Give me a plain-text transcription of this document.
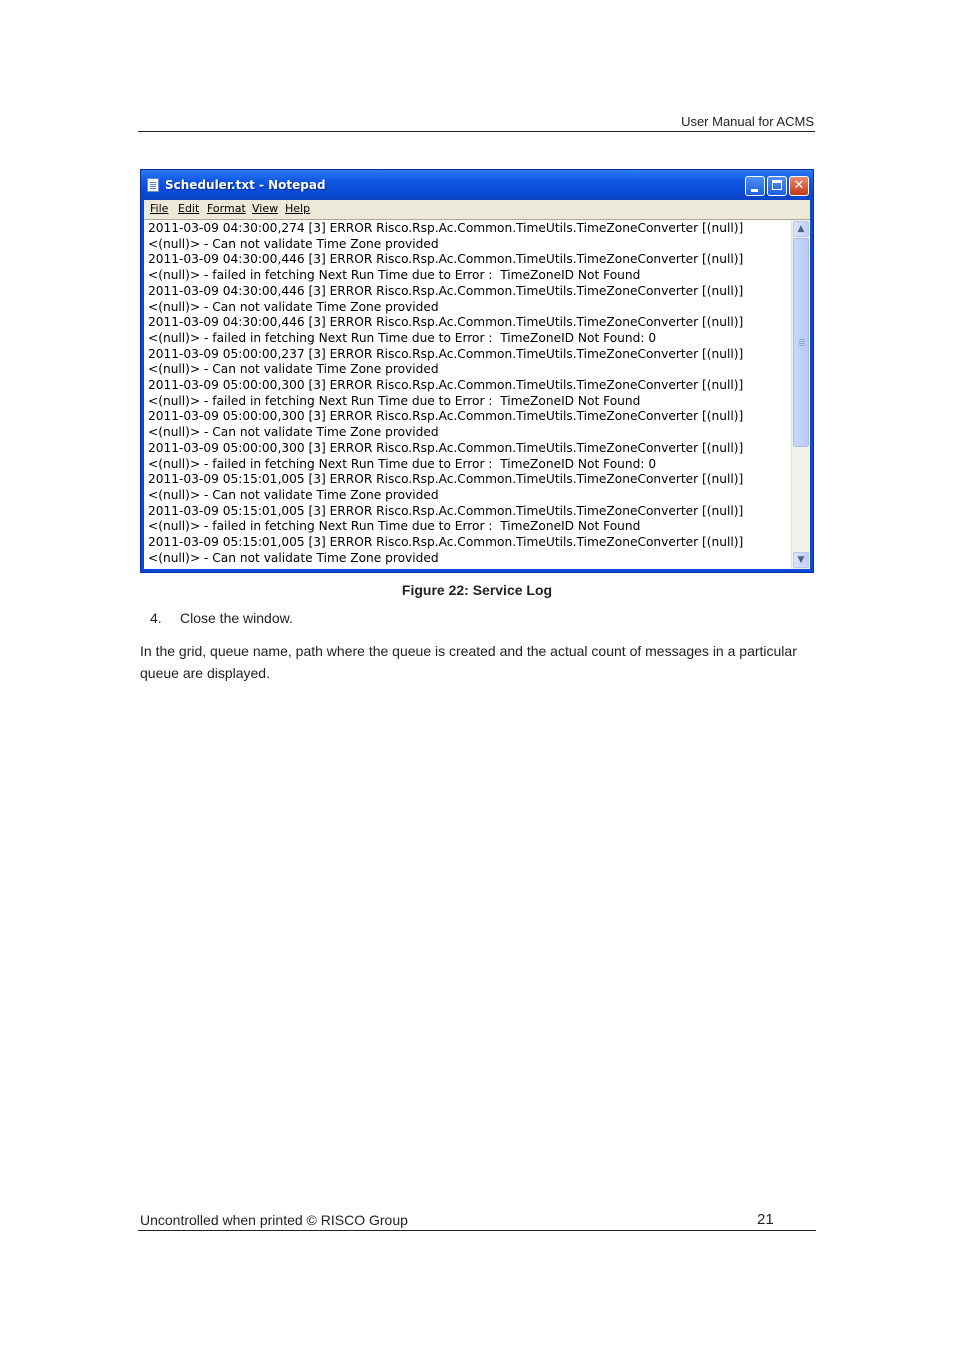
User Manual for ACMS
Scheduler.txt - Notepad	✕
File Edit Format View Help
2011-03-09 04:30:00,274 [3] ERROR Risco.Rsp.Ac.Common.TimeUtils.TimeZoneConverter [(null)]
<(null)> - Can not validate Time Zone provided
2011-03-09 04:30:00,446 [3] ERROR Risco.Rsp.Ac.Common.TimeUtils.TimeZoneConverter [(null)]
<(null)> - failed in fetching Next Run Time due to Error :  TimeZoneID Not Found
2011-03-09 04:30:00,446 [3] ERROR Risco.Rsp.Ac.Common.TimeUtils.TimeZoneConverter [(null)]
<(null)> - Can not validate Time Zone provided
2011-03-09 04:30:00,446 [3] ERROR Risco.Rsp.Ac.Common.TimeUtils.TimeZoneConverter [(null)]
<(null)> - failed in fetching Next Run Time due to Error :  TimeZoneID Not Found: 0
2011-03-09 05:00:00,237 [3] ERROR Risco.Rsp.Ac.Common.TimeUtils.TimeZoneConverter [(null)]
<(null)> - Can not validate Time Zone provided
2011-03-09 05:00:00,300 [3] ERROR Risco.Rsp.Ac.Common.TimeUtils.TimeZoneConverter [(null)]
<(null)> - failed in fetching Next Run Time due to Error :  TimeZoneID Not Found
2011-03-09 05:00:00,300 [3] ERROR Risco.Rsp.Ac.Common.TimeUtils.TimeZoneConverter [(null)]
<(null)> - Can not validate Time Zone provided
2011-03-09 05:00:00,300 [3] ERROR Risco.Rsp.Ac.Common.TimeUtils.TimeZoneConverter [(null)]
<(null)> - failed in fetching Next Run Time due to Error :  TimeZoneID Not Found: 0
2011-03-09 05:15:01,005 [3] ERROR Risco.Rsp.Ac.Common.TimeUtils.TimeZoneConverter [(null)]
<(null)> - Can not validate Time Zone provided
2011-03-09 05:15:01,005 [3] ERROR Risco.Rsp.Ac.Common.TimeUtils.TimeZoneConverter [(null)]
<(null)> - failed in fetching Next Run Time due to Error :  TimeZoneID Not Found
2011-03-09 05:15:01,005 [3] ERROR Risco.Rsp.Ac.Common.TimeUtils.TimeZoneConverter [(null)]
<(null)> - Can not validate Time Zone provided
▲
▼
Figure 22: Service Log
4. Close the window.
In the grid, queue name, path where the queue is created and the actual count of messages in a particular queue are displayed.
Uncontrolled when printed © RISCO Group	21
